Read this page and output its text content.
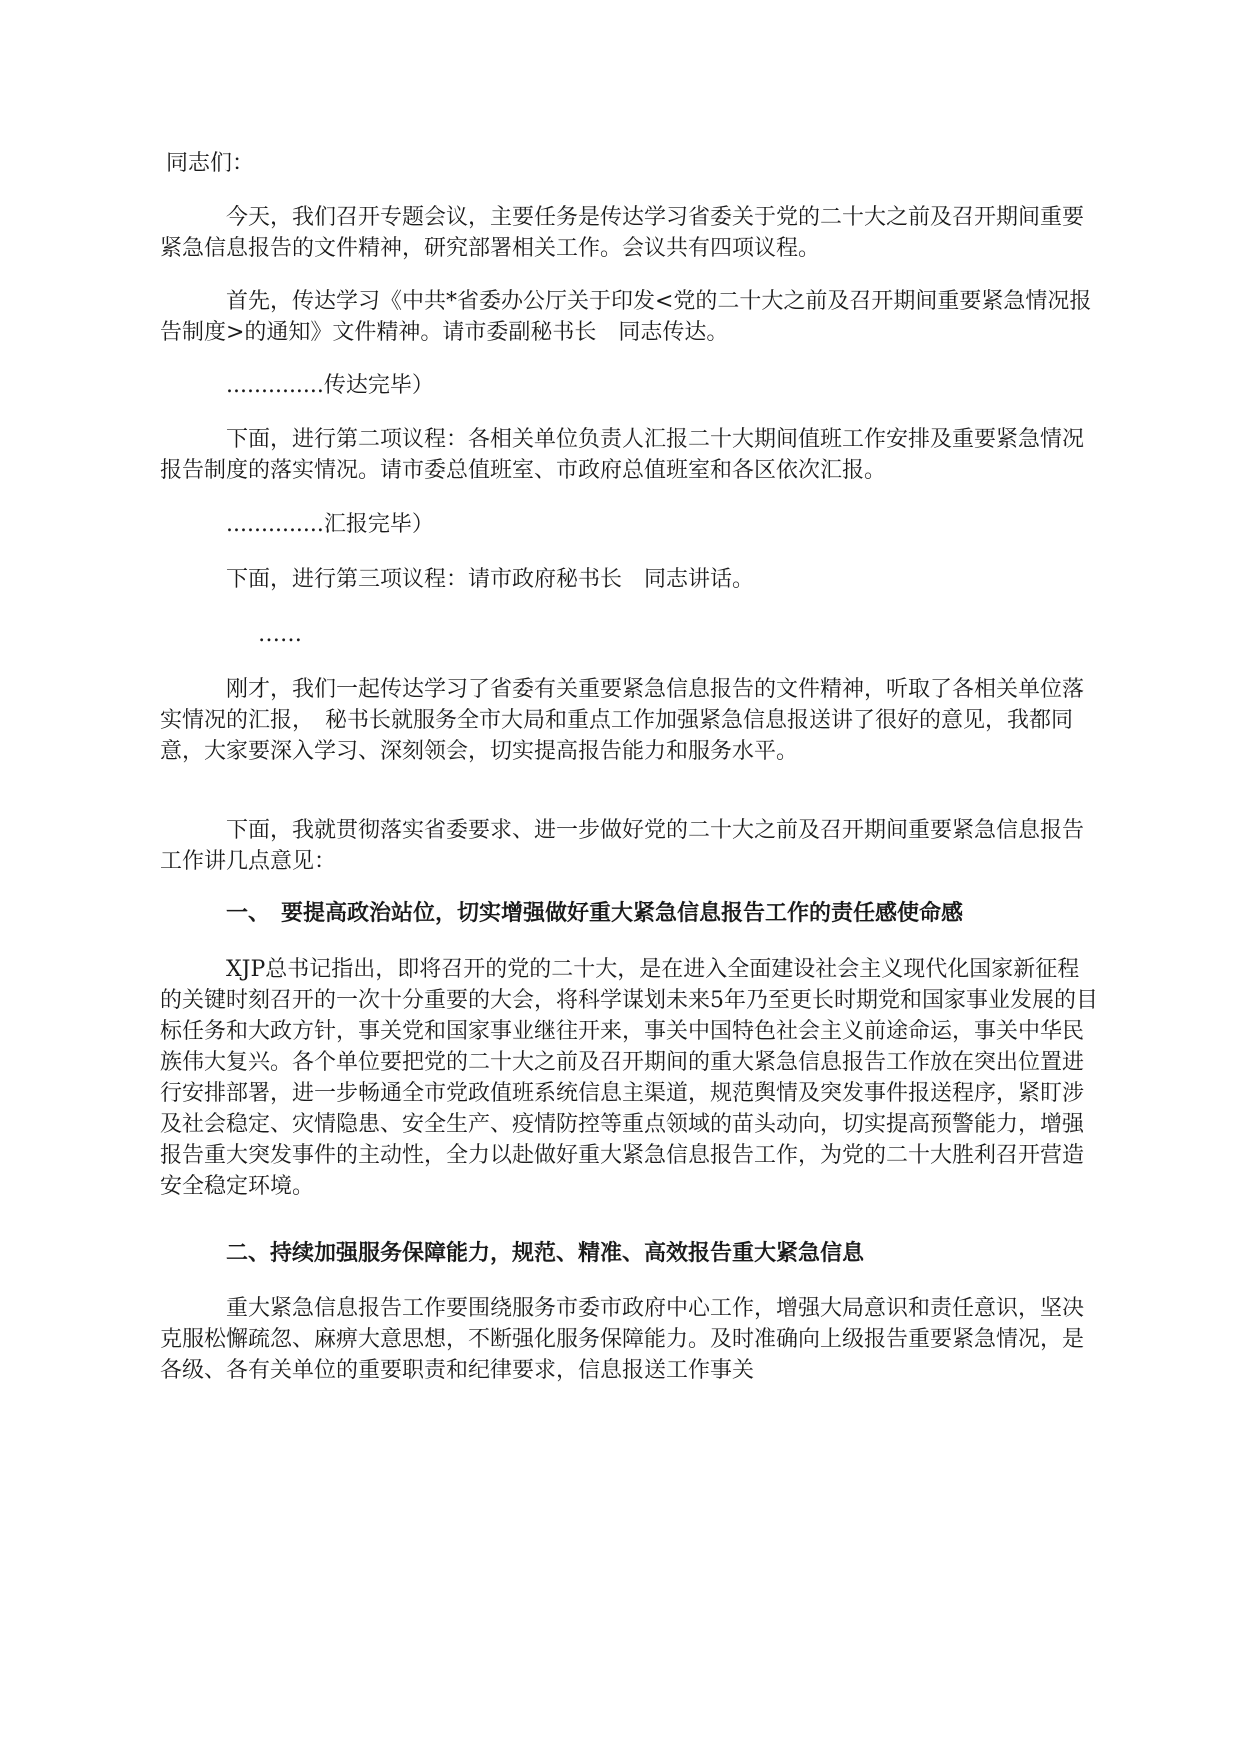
同志们：

今天，我们召开专题会议，主要任务是传达学习省委关于党的二十大之前及召开期间重要紧急信息报告的文件精神，研究部署相关工作。会议共有四项议程。

首先，传达学习《中共*省委办公厅关于印发<党的二十大之前及召开期间重要紧急情况报告制度>的通知》文件精神。请市委副秘书长　同志传达。

..............传达完毕）

下面，进行第二项议程：各相关单位负责人汇报二十大期间值班工作安排及重要紧急情况报告制度的落实情况。请市委总值班室、市政府总值班室和各区依次汇报。

..............汇报完毕）

下面，进行第三项议程：请市政府秘书长　同志讲话。

……

刚才，我们一起传达学习了省委有关重要紧急信息报告的文件精神，听取了各相关单位落实情况的汇报，　秘书长就服务全市大局和重点工作加强紧急信息报送讲了很好的意见，我都同意，大家要深入学习、深刻领会，切实提高报告能力和服务水平。

下面，我就贯彻落实省委要求、进一步做好党的二十大之前及召开期间重要紧急信息报告工作讲几点意见：

一、　要提高政治站位，切实增强做好重大紧急信息报告工作的责任感使命感

XJP总书记指出，即将召开的党的二十大，是在进入全面建设社会主义现代化国家新征程的关键时刻召开的一次十分重要的大会，将科学谋划未来5年乃至更长时期党和国家事业发展的目标任务和大政方针，事关党和国家事业继往开来，事关中国特色社会主义前途命运，事关中华民族伟大复兴。各个单位要把党的二十大之前及召开期间的重大紧急信息报告工作放在突出位置进行安排部署，进一步畅通全市党政值班系统信息主渠道，规范舆情及突发事件报送程序，紧盯涉及社会稳定、灾情隐患、安全生产、疫情防控等重点领域的苗头动向，切实提高预警能力，增强报告重大突发事件的主动性，全力以赴做好重大紧急信息报告工作，为党的二十大胜利召开营造安全稳定环境。

二、持续加强服务保障能力，规范、精准、高效报告重大紧急信息

重大紧急信息报告工作要围绕服务市委市政府中心工作，增强大局意识和责任意识，坚决克服松懈疏忽、麻痹大意思想，不断强化服务保障能力。及时准确向上级报告重要紧急情况，是各级、各有关单位的重要职责和纪律要求，信息报送工作事关
